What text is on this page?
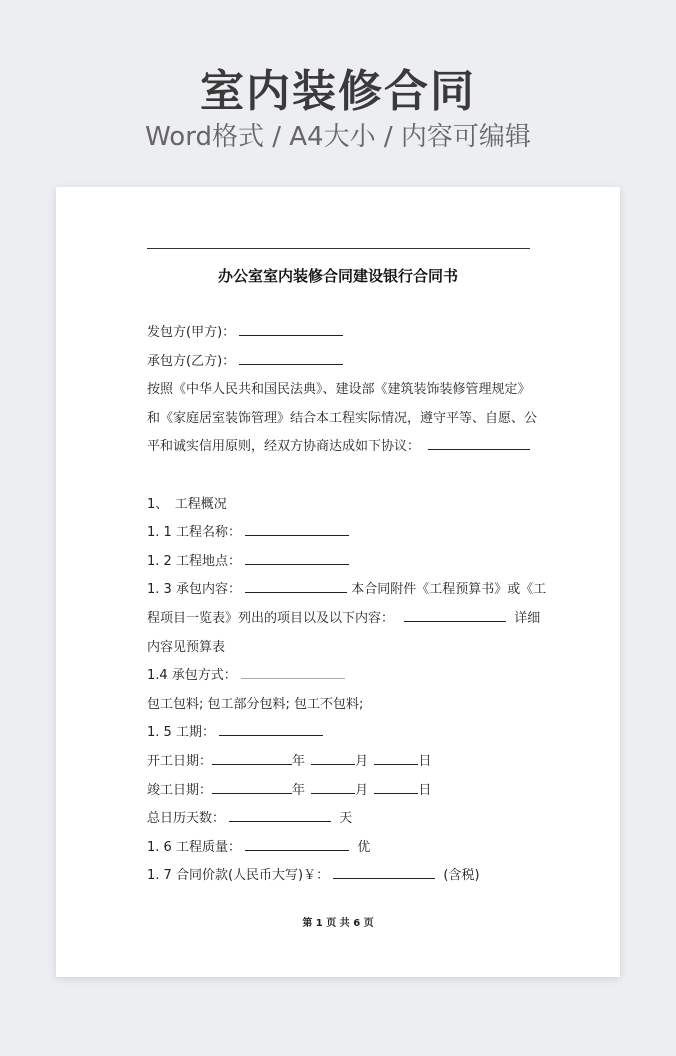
室内装修合同
Word格式 / A4大小 / 内容可编辑
办公室室内装修合同建设银行合同书
发包方(甲方)：
承包方(乙方)：
按照《中华人民共和国民法典》、建设部《建筑装饰装修管理规定》
和《家庭居室装饰管理》结合本工程实际情况，遵守平等、自愿、公
平和诚实信用原则，经双方协商达成如下协议：
1、　工程概况
1. 1 工程名称：
1. 2 工程地点：
1. 3 承包内容：	本合同附件《工程预算书》或《工
程项目一览表》列出的项目以及以下内容：	详细
内容见预算表
1.4 承包方式：
包工包料; 包工部分包料; 包工不包料;
1. 5 工期：
开工日期：	年	月	日
竣工日期：	年	月	日
总日历天数：	天
1. 6 工程质量：	优
1. 7 合同价款(人民币大写)￥：	(含税)
第 1 页 共 6 页
